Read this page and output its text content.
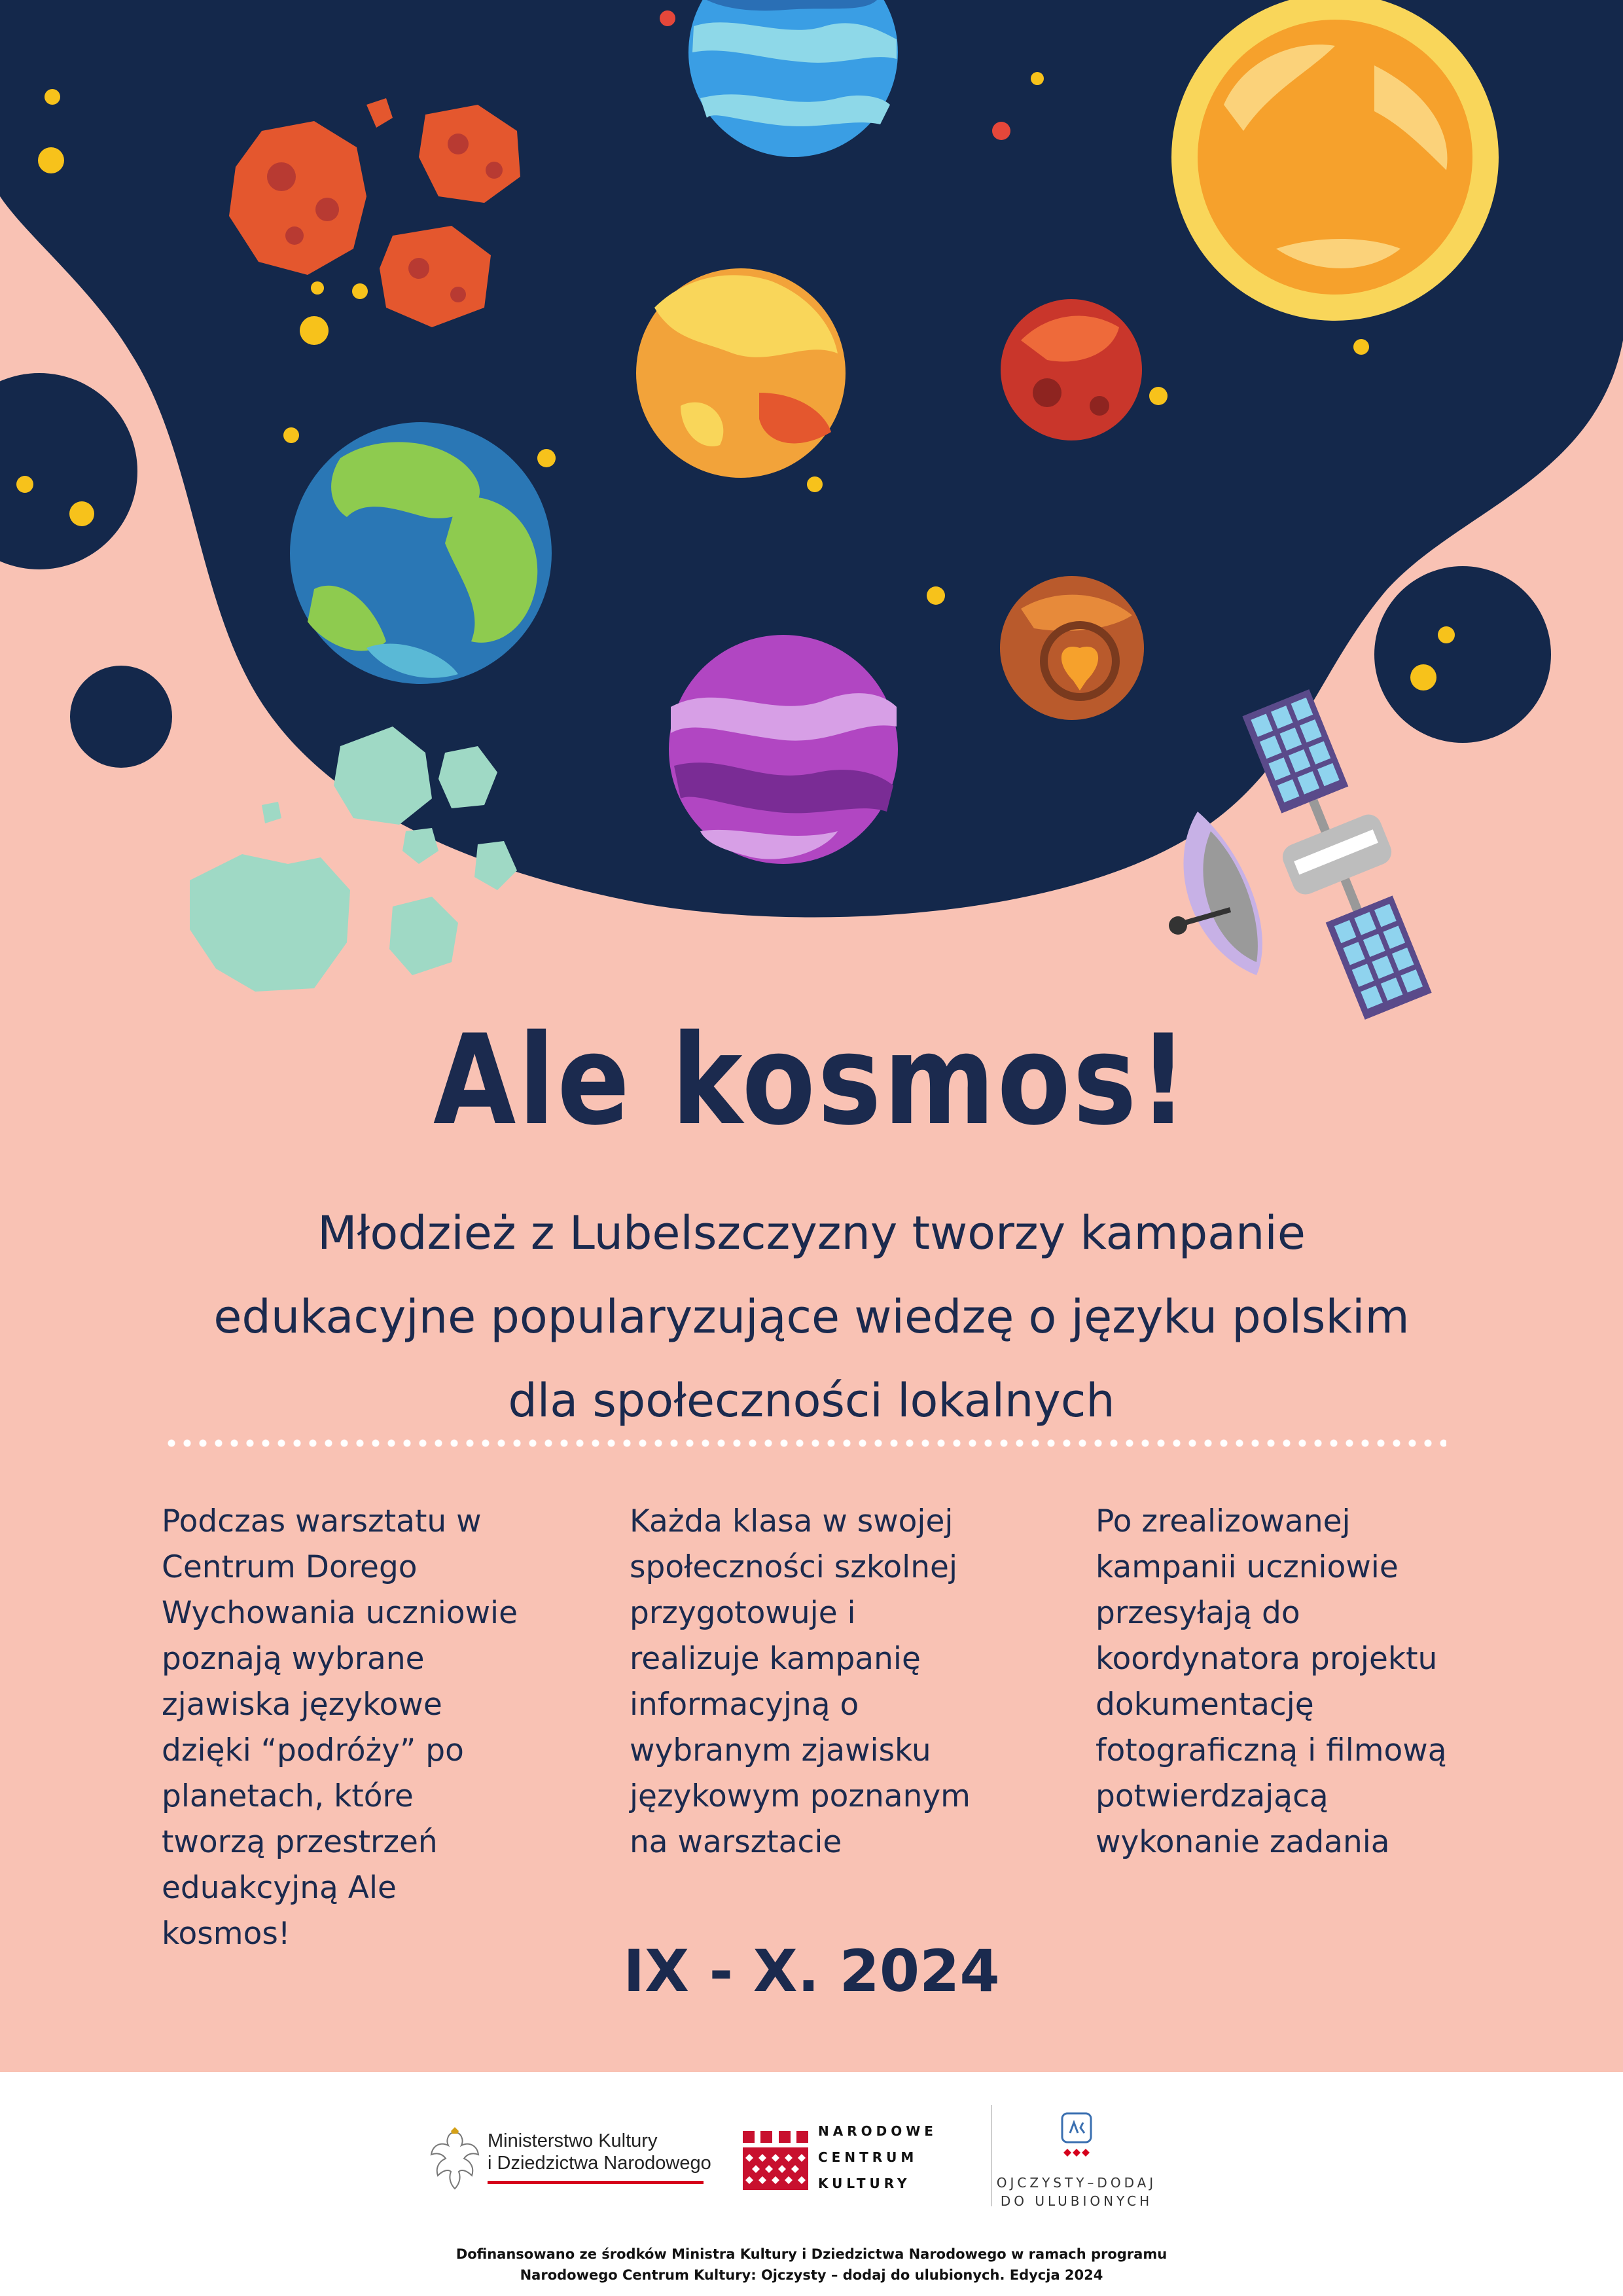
Ale kosmos!
Młodzież z Lubelszczyzny tworzy kampanie
edukacyjne popularyzujące wiedzę o języku polskim
dla społeczności lokalnych
Podczas warsztatu w
Centrum Dorego
Wychowania uczniowie
poznają wybrane
zjawiska językowe
dzięki “podróży” po
planetach, które
tworzą przestrzeń
eduakcyjną Ale
kosmos!
Każda klasa w swojej
społeczności szkolnej
przygotowuje i
realizuje kampanię
informacyjną o
wybranym zjawisku
językowym poznanym
na warsztacie
Po zrealizowanej
kampanii uczniowie
przesyłają do
koordynatora projektu
dokumentację
fotograficzną i filmową
potwierdzającą
wykonanie zadania
IX - X. 2024
Ministerstwo Kultury
i Dziedzictwa Narodowego
NARODOWE
CENTRUM
KULTURY	OJCZYSTY–DODAJ
DO ULUBIONYCH
Dofinansowano ze środków Ministra Kultury i Dziedzictwa Narodowego w ramach programu
Narodowego Centrum Kultury: Ojczysty – dodaj do ulubionych. Edycja 2024
